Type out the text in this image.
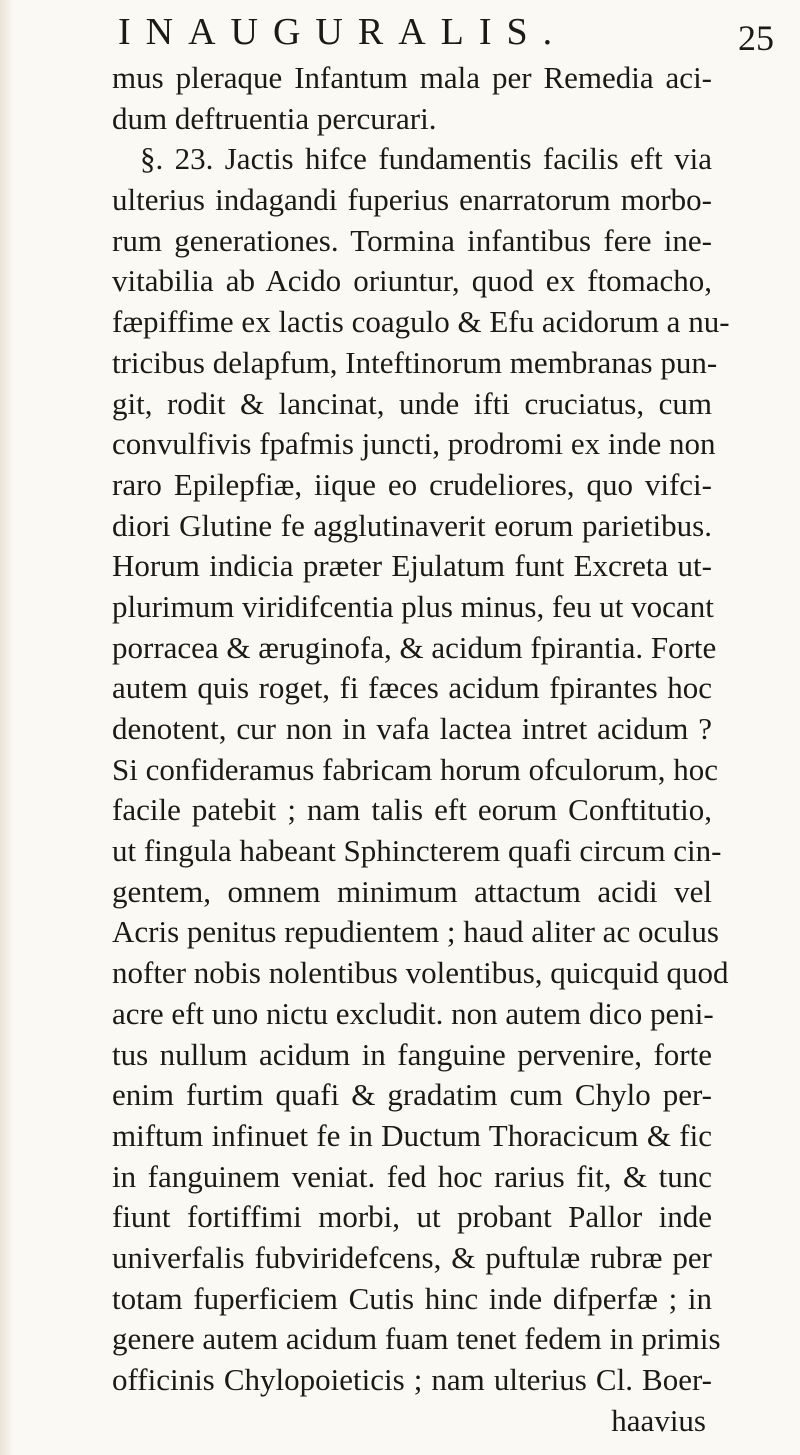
INAUGURALIS.	25
mus pleraque Infantum mala per Remedia aci-
dum deftruentia percurari.
§. 23. Jactis hifce fundamentis facilis eft via
ulterius indagandi fuperius enarratorum morbo-
rum generationes. Tormina infantibus fere ine-
vitabilia ab Acido oriuntur, quod ex ftomacho,
fæpiffime ex lactis coagulo & Efu acidorum a nu-
tricibus delapfum, Inteftinorum membranas pun-
git, rodit & lancinat, unde ifti cruciatus, cum
convulfivis fpafmis juncti, prodromi ex inde non
raro Epilepfiæ, iique eo crudeliores, quo vifci-
diori Glutine fe agglutinaverit eorum parietibus.
Horum indicia præter Ejulatum funt Excreta ut-
plurimum viridifcentia plus minus, feu ut vocant
porracea & æruginofa, & acidum fpirantia. Forte
autem quis roget, fi fæces acidum fpirantes hoc
denotent, cur non in vafa lactea intret acidum ?
Si confideramus fabricam horum ofculorum, hoc
facile patebit ; nam talis eft eorum Conftitutio,
ut fingula habeant Sphincterem quafi circum cin-
gentem, omnem minimum attactum acidi vel
Acris penitus repudientem ; haud aliter ac oculus
nofter nobis nolentibus volentibus, quicquid quod
acre eft uno nictu excludit. non autem dico peni-
tus nullum acidum in fanguine pervenire, forte
enim furtim quafi & gradatim cum Chylo per-
miftum infinuet fe in Ductum Thoracicum & fic
in fanguinem veniat. fed hoc rarius fit, & tunc
fiunt fortiffimi morbi, ut probant Pallor inde
univerfalis fubviridefcens, & puftulæ rubræ per
totam fuperficiem Cutis hinc inde difperfæ ; in
genere autem acidum fuam tenet fedem in primis
officinis Chylopoieticis ; nam ulterius Cl. Boer-
haavius
